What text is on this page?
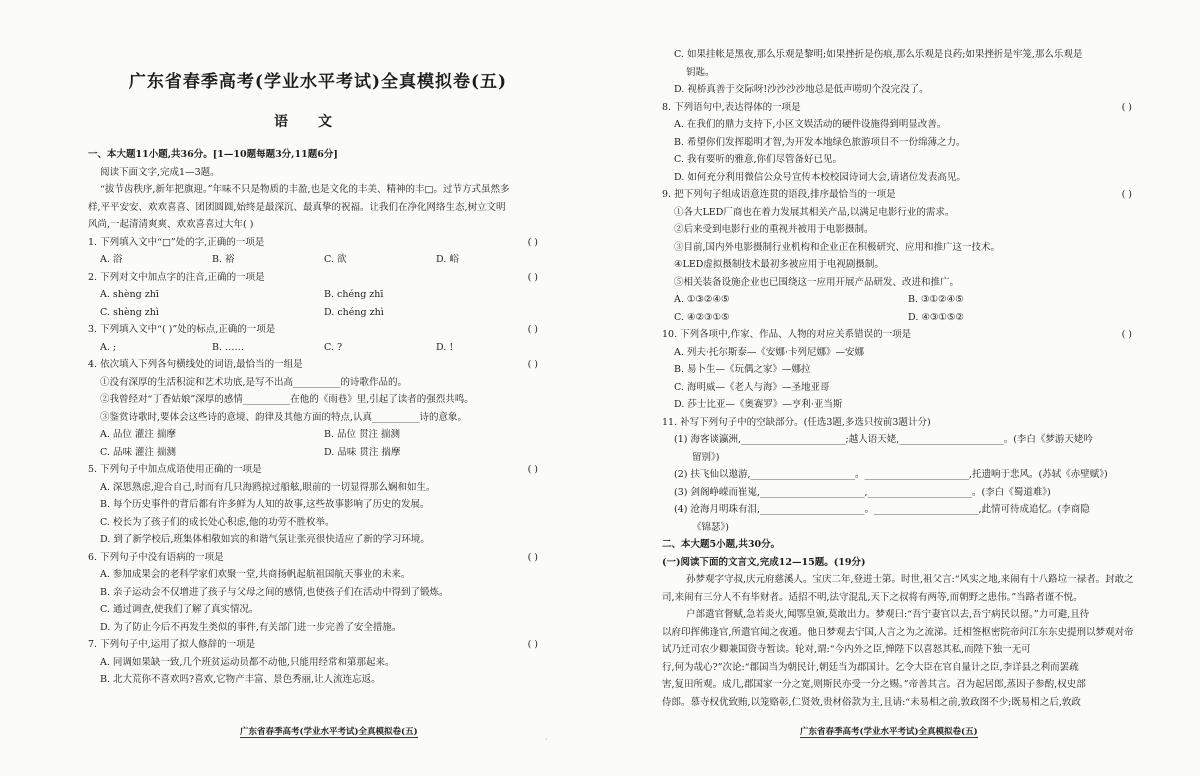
广东省春季高考(学业水平考试)全真模拟卷(五)
语文
一、本大题11小题,共36分。[1—10题每题3分,11题6分]
阅读下面文字,完成1—3题。
“拔节齿秩序,新年把旗迎。”年味不只是物质的丰盈,也是文化的丰美、精神的丰□。过节方式虽然多
样,平平安安、欢欢喜喜、团团圆圆,始终是最深沉、最真挚的祝福。让我们在净化网络生态,树立文明
风尚,一起清清爽爽、欢欢喜喜过大年( )
1. 下列填入文中“□”处的字,正确的一项是	( )
A. 浴	B. 裕	C. 欲	D. 峪
2. 下列对文中加点字的注音,正确的一项是	( )
A. shèng zhī	B. chéng zhī
C. shèng zhì	D. chéng zhì
3. 下列填入文中“( )”处的标点,正确的一项是	( )
A. ;	B. ……	C. ?	D. !
4. 依次填入下列各句横线处的词语,最恰当的一组是	( )
①没有深厚的生活积淀和艺术功底,是写不出高__________的诗歌作品的。
②我曾经对“丁香姑娘”深厚的感情__________在他的《雨巷》里,引起了读者的强烈共鸣。
③鉴赏诗歌时,要体会这些诗的意境、韵律及其他方面的特点,认真__________诗的意象。
A. 品位 灌注 揣摩	B. 品位 贯注 揣测
C. 品味 灌注 揣测	D. 品味 贯注 揣摩
5. 下列句子中加点成语使用正确的一项是	( )
A. 深思熟虑,迎合自己,时而有几只海鸥掠过船舷,眼前的一切显得那么娴和如生。
B. 每个历史事件的背后都有许多鲜为人知的故事,这些故事影响了历史的发展。
C. 校长为了孩子们的成长处心积虑,他的功劳不胜枚举。
D. 到了新学校后,班集体相敬如宾的和谐气氛让张亮很快适应了新的学习环境。
6. 下列句子中没有语病的一项是	( )
A. 参加成果会的老科学家们欢聚一堂,共商扬帆起航祖国航天事业的未来。
B. 亲子运动会不仅增进了孩子与父母之间的感情,也使孩子们在活动中得到了锻炼。
C. 通过调查,使我们了解了真实情况。
D. 为了防止今后不再发生类似的事件,有关部门进一步完善了安全措施。
7. 下列句子中,运用了拟人修辞的一项是	( )
A. 同调如果缺一致,几个班贫运动员都不动他,只能用经常和第那起来。
B. 北大荒你不喜欢吗?喜欢,它物产丰富、景色秀丽,让人流连忘返。
广东省春季高考(学业水平考试)全真模拟卷(五)
·
C. 如果挂帐是黑夜,那么乐观是黎明;如果挫折是伤痕,那么乐观是良药;如果挫折是牢笼,那么乐观是
钥匙。
D. 视桥真善于交际呀!沙沙沙沙地总是低声唠叨个没完没了。
8. 下列语句中,表达得体的一项是	( )
A. 在我们的鼎力支持下,小区文娱活动的硬件设施得到明显改善。
B. 希望你们发挥聪明才智,为开发本地绿色旅游项目不一份绵薄之力。
C. 我有要听的雅意,你们尽管备好已见。
D. 如何充分利用微信公众号宣传本校校园诗词大会,请诸位发表高见。
9. 把下列句子组成语意连贯的语段,排序最恰当的一项是	( )
①各大LED厂商也在着力发展其相关产品,以满足电影行业的需求。
②后来受到电影行业的重视并被用于电影摄制。
③目前,国内外电影摄制行业机构和企业正在积极研究、应用和推广这一技术。
④LED虚拟摄制技术最初多被应用于电视剧摄制。
⑤相关装备设施企业也已围绕这一应用开展产品研发、改进和推广。
A. ①③②④⑤	B. ③①②④⑤
C. ④②③①⑤	D. ④③①⑤②
10. 下列各项中,作家、作品、人物的对应关系错误的一项是	( )
A. 列夫·托尔斯泰—《安娜·卡列尼娜》—安娜
B. 易卜生—《玩偶之家》—娜拉
C. 海明威—《老人与海》—圣地亚哥
D. 莎士比亚—《奥赛罗》—亨利·亚当斯
11. 补写下列句子中的空缺部分。(任选3题,多选只按前3题计分)
(1) 海客谈瀛洲,______________________;越人语天姥,______________________。(李白《梦游天姥吟
留别》)
(2) 扶飞仙以遨游,______________________。______________________,托遗响于悲风。(苏轼《赤壁赋》)
(3) 剑阁峥嵘而崔嵬,______________________,______________________。(李白《蜀道难》)
(4) 沧海月明珠有泪,______________________。______________________,此情可待成追忆。(李商隐
《锦瑟》)
二、本大题5小题,共30分。
(一)阅读下面的文言文,完成12—15题。(19分)
孙梦观字守叔,庆元府慈溪人。宝庆二年,登进士第。时世,祖父言:“风实之地,来闹有十八路垃一禄者。封敢之
司,来闹有三分人不有毕财者。适招不明,法守混乱,天下之叔将有两等,而朝野之患伟。”当路者谨不悦。
户部遣官督赋,急若炎火,闻鄂皇颁,莫敢出力。梦观曰:“吾宁妻官以去,吾宁病民以留。”力可避,且待
以府印挥佛逢官,所遣官闻之夜遁。他日梦观去宁国,人言之为之流涕。迁相签枢密院帝问江东东史提刑以梦观对帝试乃迁司农少卿兼国资寺暂读。轮对,谓:“今内外之臣,惮陛下以喜怒其私,而陛下独一无可
行,何为哉心?”次论:“郡国当为朝民计,朝廷当为郡国计。乞令大臣在官自量计之臣,李详县之利而罢疏
害,复田所观。成几,郡国家一分之宽,则斯民亦受一分之赐。”帝善其言。召为起居郎,蒸因子参酌,权史部
侍郎。慕寺权优致贿,以笼赂彰,仁贤效,贵材俗款为主,且请:“未易相之前,敦政图不少;既易相之后,敦政
广东省春季高考(学业水平考试)全真模拟卷(五)
